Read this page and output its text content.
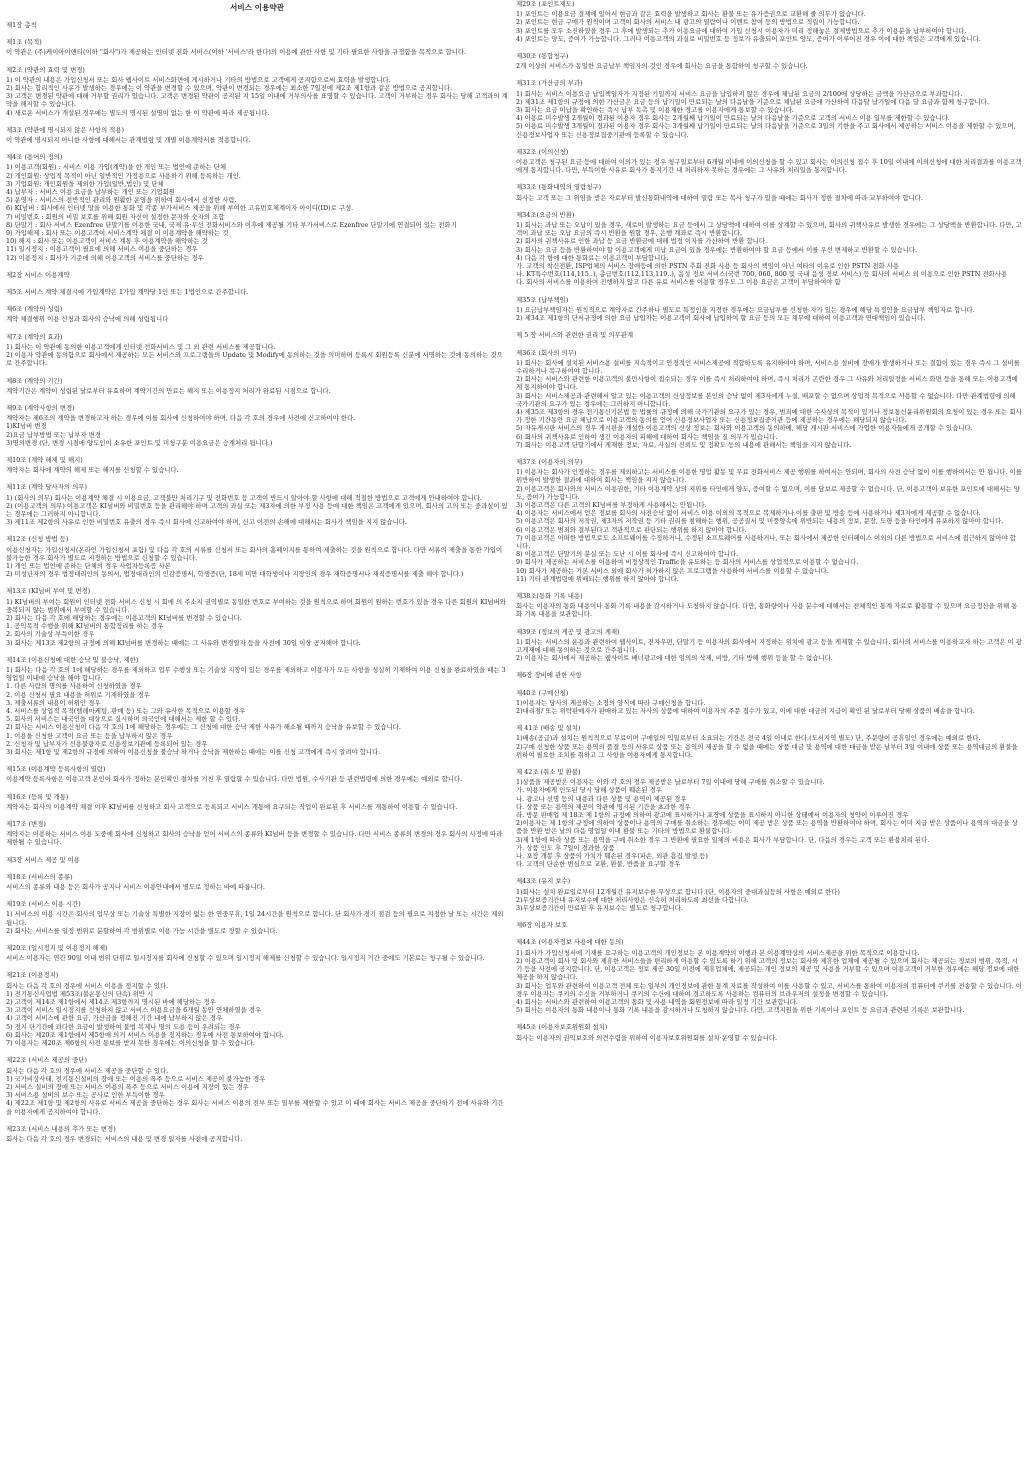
서비스 이용약관
제1장 총칙
제1조 (목적)
이 약관은 (주)케이아이앤티(이하 "회사")가 제공하는 인터넷 전화 서비스(이하 '서비스'라 한다)의 이용에 관한 사항 및 기타 필요한 사항을 규정함을 목적으로 합니다.
제2조 (약관의 효력 및 변경)
1) 이 약관의 내용은 가입신청서 또는 회사 웹사이트 서비스화면에 게시하거나 기타의 방법으로 고객에게 공지함으로써 효력을 발생합니다.
2) 회사는 합리적인 사유가 발생하는 경우에는 이 약관을 변경할 수 있으며, 약관이 변경되는 경우에는 최소한 7일전에 제2조 제1항과 같은 방법으로 공지합니다.
3) 고객은 변경된 약관에 대해 거부할 권리가 있습니다. 고객은 변경된 약관이 공지된 지 15일 이내에 거부의사를 표명할 수 있습니다. 고객이 거부하는 경우 회사는 당해 고객과의 계약을 해지할 수 있습니다.
4) 새로운 서비스가 개설된 경우에는 별도의 명시된 설명이 없는 한 이 약관에 따라 제공됩니다.
제3조 (약관에 명시되지 않은 사항의 적용)
이 약관에 명시되지 아니한 사항에 대해서는 관계법령 및 개별 이용계약서를 적용합니다.
제4조 (용어의 정의)
1) 이용고객(회원) : 서비스 이용 가입(계약)을 한 개인 또는 법인에 준하는 단체
2) 개인회원: 상업적 목적이 아닌 일반적인 가정용으로 사용하기 위해 등록하는 개인.
3) 기업회원: 개인회원을 제외한 가입(일반,법인) 및 단체
4) 납부자 : 서비스 이용 요금을 납부하는 개인 또는 기업회원
5) 운영자 : 서비스의 전반적인 관리와 원활한 운영을 위하여 회사에서 선정한 사람.
6) KI넘버 : 회사에서 인터넷 망을 이용한 통화 및 각종 부가서비스 제공을 위해 부여한 고유번호체계이자 아이디(ID)로 구성.
7) 비밀번호 : 회원의 비밀 보호를 위해 회원 자신이 설정한 문자와 숫자의 조합
8) 단말기 : 회사 서비스 Ezenfree 단말기를 이용한 국내, 국제 유·무선 전화서비스와 이후에 제공될 기타 부가서비스로 Ezenfree 단말기에 연결되어 있는 전화기
9) 가입해제 : 회사 또는 이용고객이 서비스계약 체결 이 이용계약을 해약하는 것
10) 해지 : 회사 또는 이용고객이 서비스 계통 후 이용계약을 해약하는 것
11) 일시정지 : 이용고객이 필요에 의해 서비스 이용을 중단하는 경우
12) 이용정지 : 회사가 기준에 의해 이용고객의 서비스를 중단하는 경우
제2장 서비스 이용계약
제5조 서비스 계약 체결시에 가입계약은 1가입 계약당 1인 또는 1법인으로 간주합니다.
제6조 (계약의 성립)
계약 체결행위 이용 신청과 회사의 승낙에 의해 성립됩니다
제7조 (계약의 효과)
1) 회사는 이 약관에 동의한 이용고객에게 인터넷 전화서비스 및 그 외 관련 서비스를 제공합니다.
2) 이용자 약관에 동의함으로 회사에서 제공하는 모든 서비스와 프로그램들의 Update 및 Modify에 동의하는 것을 의미하며 등록시 회원등록 신분에 서명하는 것에 동의하는 것으로 간주합니다.
제8조 (계약의 기간)
계약기간은 계약이 성립된 날로부터 유효하며 계약기간의 만료는 해지 또는 이용정지 처리가 완료된 시점으로 합니다.
제9조 (계약사항의 변경)
계약자는 제6조의 계약을 변경하고자 하는 경우에 이를 회사에 신청하여야 하며, 다음 각 호의 경우에 사전에 신고하여야 한다.
1)KI넘버 변경
2)요금 납부방법 또는 납부자 변경
3)명의변경 (단, 변경 시점에 양도인이 소유한 포인트 및 미청구분 이용요금은 승계처리 됩니다.)
제10조 (계약 해제 및 해지)
계약자는 회사에 계약의 해제 또는 해지를 신청할 수 있습니다.
제11조 (계약 당사자의 의무)
1) (회사의 의무) 회사는 이용계약 체결 시 이용요금, 고객불만 처리기구 및 전화번호 등 고객이 반드시 알아야 할 사항에 대해 적절한 방법으로 고객에게 안내하여야 합니다.
2) (이용고객의 의무) 이용고객은 KI넘버와 비밀번호 등을 관리해야 하며 고객의 과실 또는 제3자에 의한 부정 사용 등에 대한 책임은 고객에게 있으며, 회사의 고의 또는 중과실이 있는 경우에는 그러하지 아니합니다.
3) 제11조 제2항의 사유로 인한 비밀번호 유출의 경우 즉시 회사에 신고하여야 하며, 신고 이전의 손해에 대해서는 회사가 책임을 지지 않습니다.
제12조 (신청 방법 등)
이용신청자는 가입신청서(온라인 가입신청서 포함) 및 다음 각 호의 서류를 신청서 또는 회사의 홈페이지를 통하여 제출하는 것을 원칙으로 합니다. 다만 서류의 제출을 통한 가입이 불가능한 경우 회사가 별도로 지정하는 방법으로 신청할 수 있습니다.
1) 개인 또는 법인에 준하는 단체의 경우 사업자등록증 사본
2) 미성년자의 경우 법정대리인의 동의서, 법정대리인의 인감증명서, 학생증(단, 18세 미만 대학생이나 지장인의 경우 재학증명서나 재직증명서를 제출 해야 합니다.)
제13조 (KI넘버 부여 및 변경)
1) KI넘버의 부여는 회원이 인터넷 전화 서비스 신청 시 회에 의 주소지 권역별로 동일한 번호로 부여하는 것을 원칙으로 하며 회원이 원하는 번호가 있을 경우 다른 회원의 KI넘버와 중복되지 않는 범위에서 부여할 수 있습니다.
2) 회사는 다음 각 호에 해당하는 경우에는 이용고객의 KI넘버를 변경할 수 있습니다.
1. 공익목적 수행을 위해 KI넘버의 통합정리를 하는 경우
2. 회사의 기술상 부득이한 경우
3) 회사는 제13조 제2항의 규정에 의해 KI넘버를 변경하는 때에는 그 사유와 변경일자 등을 사전에 30일 이상 공지해야 합니다.
제14조 (이용신청에 대한 승낙 및 불승낙, 제한)
1) 회사는 다음 각 호의 1에 해당하는 경우를 제외하고 업무 수행상 또는 기술상 지장이 있는 경우를 제외하고 이용자가 모든 사항을 성실히 기재하여 이용 신청을 완료하였을 때는 3영업일 이내에 승낙을 해야 합니다.
1. 다른 사람의 명의를 사용하여 신청하였을 경우
2. 이용 신청서 필요 내용을 허위로 기재하였을 경우
3. 제출서류의 내용이 허위인 경우
4. 서비스를 상업적 목적(텔레마케팅, 판매 등) 또는 그와 유사한 목적으로 이용할 경우
5. 회사의 서비스는 내국인을 대상으로 실시하며 외국인에 대해서는 제한 할 수 있다.
2) 회사는 서비스 이용신청이 다음 각 호의 1에 해당하는 경우에는 그 신청에 대한 승낙 제한 사유가 해소될 때까지 승낙을 유보할 수 있습니다.
1. 이용을 신청한 고객이 요금 또는 등을 납부하지 않은 경우
2. 신청자 및 납부자가 신용불량자로 신용정보기관에 등록되어 있는 경우
3) 회사는 제1항 및 제2항의 규정에 의하여 이용신청을 불승낙 하거나 승낙을 제한하는 때에는 이를 신청 고객에게 즉시 알려야 합니다.
제15조 (이용계약 등록사항의 열람)
이용계약 등록사항은 이용고객 본인이 회사가 정하는 본인확인 절차를 거친 후 열람할 수 있습니다. 다만 법원, 수사기관 등 관련법령에 의한 경우에는 예외로 합니다.
제16조 (등록 및 개통)
계약자는 회사의 이용계약 체결 이후 KI넘버를 신청하고 회사 고객으로 등록되고 서비스 개통에 요구되는 작업이 완료된 후 서비스를 개통하여 이용할 수 있습니다.
제17조 (변경)
계약자는 이용하는 서비스 이용 도중에 회사에 신청하고 회사의 승낙을 얻어 서비스의 종류와 KI넘버 등을 변경할 수 있습니다. 다만 서비스 종류의 변경의 경우 회사의 사정에 따라 제한될 수 있습니다.
제3장 서비스 제공 및 이용
제18조 (서비스의 종류)
서비스의 종류와 내용 등은 회사가 공지나 서비스 이용안내에서 별도로 정하는 바에 따릅니다.
제19조 (서비스 이용 시간)
1) 서비스의 이용 시간은 회사의 업무상 또는 기술상 특별한 지장이 없는 한 연중무휴, 1일 24시간을 원칙으로 합니다. 단 회사가 정기 점검 등의 필요로 지정한 날 또는 시간은 제외됩니다.
2) 회사는 서비스를 일정 범위로 분할하여 각 범위별로 이용 가능 시간을 별도로 정할 수 있습니다.
제20조 (일시정지 및 이용정지 해제)
서비스 이용자는 연간 90일 이내 범위 단위로 일시정지를 회사에 신청할 수 있으며 일시정지 해제를 신청할 수 있습니다. 일시정지 기간 중에도 기본료는 청구될 수 있습니다.
제21조 (이용정지)
회사는 다음 각 호의 경우에 서비스 이용을 정지할 수 있다.
1) 전기통신사업법 제53조(불온통신의 단속) 위반 시
2) 고객이 제14조 제1항에서 제14조 제3항까지 명시된 바에 해당하는 경우
3) 고객이 서비스 일시정지를 신청하지 않고 서비스 이용요금을 6개월 동안 연체하였을 경우
4) 고객이 서비스에 관한 요금, 가산금을 정해진 기간 내에 납부하지 않은 경우
5) 정지 단기간에 과다한 요금이 발생하여 불법 복제나 명의 도용 등이 우려되는 경우
6) 회사는 제20조 제1항에서 제5항에 의거 서비스 이용을 정지하는 경우에 사전 통보하여야 합니다.
7) 이용자는 제20조 제6항의 사전 통보를 받지 못한 경우에는 이의신청을 할 수 있습니다.
제22조 (서비스 제공의 중단)
회사는 다음 각 호의 경우에 서비스 제공을 중단할 수 있다.
1) 국가비상사태, 전기통신설비의 장애 또는 이용의 폭주 등으로 서비스 제공이 불가능한 경우
2) 서비스 설비의 장애 또는 서비스 이용의 폭주 등으로 서비스 이용에 지장이 있는 경우
3) 서비스용 설비의 보수 또는 공사로 인한 부득이한 경우
4) 제22조 제1항 및 제2항의 사유로 서비스 제공을 중단하는 경우 회사는 서비스 이용의 전부 또는 일부를 제한할 수 있고 이 때에 회사는 서비스 제공을 중단하기 전에 사유와 기간을 이용자에게 공지하여야 합니다.
제23조 (서비스 내용의 추가 또는 변경)
회사는 다음 각 호의 경우 변경되는 서비스의 내용 및 변경 일자를 사전에 공지합니다.
제29조 (포인트제도)
1) 포인트는 이용요금 결제에 있어서 현금과 같은 효력을 발생하고 회사는 환불 또는 유가증권으로 교환해 줄 의무가 없습니다.
2) 포인트는 현금 구매가 원칙이며 고객이 회사의 서비스 내 광고의 열람이나 이벤트 참여 등의 방법으로 적립이 가능합니다.
3) 포인트를 모두 소진하였을 경우 그 후에 발생되는 추가 이용요금에 대하여 가입 신청시 이용자가 미리 정해놓은 결제방법으로 추가 이용분을 납부하여야 합니다.
4) 포인트는 양도, 증여가 가능합니다. 그러나 이용고객의 과실로 비밀번호 등 정보가 유출되어 포인트 양도, 증여가 이루어진 경우 이에 대한 책임은 고객에게 있습니다.
제30조 (통합청구)
2개 이상의 서비스가 동일한 요금납부 책임자의 것인 경우에 회사는 요금을 통합하여 청구할 수 있습니다.
제31조 (가산금의 부과)
1) 회사는 서비스 이용요금 납입책임자가 지정된 기일까지 서비스 요금을 납입하지 않은 경우에 체납된 요금의 2/100에 상당하는 금액을 가산금으로 부과합니다.
2) 제31조 제1항의 규정에 의한 가산금은 요금 등의 납기일이 만료되는 날의 다음날을 기준으로 체납된 요금에 가산하여 다음달 납기일에 다음 달 요금과 함께 청구합니다.
3) 회사는 요금 미납을 확인하는 즉시 납부 독촉 및 이용제한 경고를 이용자에게 통보할 수 있습니다.
4) 이용료 미수발생 2개월이 경과된 이용자 경우 회사는 2개월째 납기일이 만료되는 날의 다음날을 기준으로 고객의 서비스 이용 일부를 제한할 수 있습니다.
5) 이용료 미수발생 3개월이 경과된 이용자 경우 회사는 3개월째 납기일이 만료되는 날의 다음날을 기준으로 3일의 기한을 주고 회사에서 제공하는 서비스 이용을 제한할 수 있으며, 신용정보사업자 또는 신용정보집중기관에 등록할 수 있습니다.
제32조 (이의신청)
이용고객은 청구된 요금 등에 대하여 이의가 있는 경우 청구일로부터 6개월 이내에 이의신청을 할 수 있고 회사는 이의신청 접수 후 10일 이내에 이의신청에 대한 처리결과를 이용고객에게 통지합니다. 다만, 부득이한 사유로 회사가 통지기간 내 처리하지 못하는 경우에는 그 사유와 처리일을 통지합니다.
제33조 (통화내역의 열람청구)
회사는 고객 또는 그 위임을 받은 자로부터 발신통화내역에 대하여 열람 또는 복사 청구가 있을 때에는 회사가 정한 절차에 따라 교부하여야 합니다.
제34조(요금의 반환)
1) 회사는 과납 또는 오납이 있을 경우, 새로이 발생하는 요금 등에서 그 상당액에 대하여 이를 상계할 수 있으며, 회사의 귀책사유로 발생한 경우에는 그 상당액을 반환합니다. 다만, 고객이 과납 또는 오납 요금의 즉시 반환을 원할 경우, 은행 계좌로 즉시 반환합니다.
2) 회사의 귀책사유로 인한 과납 등 요금 반환금에 대해 법정 이자를 가산하여 반환 합니다.
3) 회사는 요금 등을 반환하여야 할 이용고객에게 미납 요금이 있을 경우에는 반환하여야 할 요금 등에서 이를 우선 변제하고 반환할 수 있습니다.
4) 다음 각 항에 대한 통화료는 이용고객이 부담합니다.
가. 고객의 착신전환, ISP업체의 서비스 장애등에 의한 PSTN 추회 전화 사용 등 회사의 책임이 아닌 여타의 이유로 인한 PSTN 전화 사용
나. KT특수번호(114,115..), 총급번호(112,113,119..), 음성 정보 서비스(국번 700, 060, 800 및 국내 음성 정보 서비스) 등 회사의 서비스 외 이용으로 인한 PSTN 전화사용
다. 회사의 서비스를 이용하여 진행하지 않고 다른 유료 서비스를 이용할 경우도 그 이용 요금은 고객이 부담하여야 함
제35조 (납부책임)
1) 요금납부책임자는 원칙적으로 계약자로 간주하나 별도로 특정인을 지정한 경우에는 요금납부를 신청한 자가 있는 경우에 해당 특정인을 요금납부 책임자로 합니다.
2) 제34조 제1항의 단서규정에 의한 요금 납입자는 이용고객이 회사에 납입하여 할 요금 등의 모든 채무에 대하여 이용고객과 연대책임이 있습니다.
제 5 장 서비스와 관련한 권리 및 의무관계
제36조 (회사의 의무)
1) 회사는 회사에 설치된 서비스용 설비를 지속적이고 안정적인 서비스제공에 적합하도록 유지하여야 하며, 서비스용 설비에 장애가 발생하거나 또는 결함이 있는 경우 즉시 그 설비를 수리하거나 복구하여야 합니다.
2) 회사는 서비스와 관련한 이용고객의 불만사항이 접수되는 경우 이를 즉시 처리하여야 하며, 즉시 처리가 곤란한 경우 그 사유와 처리일정을 서비스 화면 등을 통해 또는 이용고객에게 통지하여야 합니다.
3) 회사는 서비스제공과 관련해서 알고 있는 이용고객의 신상정보를 본인의 승낙 없이 제3자에게 누설, 배포할 수 없으며 상업적 목적으로 사용할 수 없습니다. 다만 관계법령에 의해 국가기관의 요구가 있는 경우에는 그러하지 아니합니다.
4) 제35조 제3항의 경우 전기통신기본법 등 법률의 규정에 의해 국가기관의 요구가 있는 경우, 범죄에 대한 수사상의 목적이 있거나 정보통신윤리위원회의 요청이 있는 경우 또는 회사가 정한 기간동안 요금 체납으로 이용고객의 동의를 얻어 신용정보사업자 또는 신용정보집중기관 등에 제공하는 경우에는 해당되지 않습니다.
5) 자유게시판 서비스의 경우 게시판을 개설한 이용고객의 신상 정보는 회사와 이용고객의 동의하에, 해당 게시판 서비스에 가입한 이용자들에게 공개할 수 있습니다.
6) 회사의 귀책사유로 인하여 생긴 이용자의 피해에 대하여 회사는 책임을 질 의무가 있습니다.
7) 회사는 이용고객 단말기에서 게재한 정보, 자료, 사실의 신뢰도 및 정확도 등의 내용에 관해서는 책임을 지지 않습니다.
제37조 (이용자의 의무)
1) 이용자는 회사가 인정하는 경우를 제외하고는 서비스를 이용한 영업 활동 및 무료 전화서비스 제공 행위를 하여서는 안되며, 회사의 사전 승낙 없이 이를 행하여서는 안 됩니다. 이를 위반하여 발생한 결과에 대하여 회사는 책임을 지지 않습니다.
2) 이용고객은 회사와의 서비스 이용권한, 기타 이용계약 상의 지위를 타인에게 양도, 증여할 수 없으며, 이를 담보로 제공할 수 없습니다. 단, 이용고객이 보유한 포인트에 대해서는 양도, 증여가 가능합니다.
3) 이용고객은 다른 고객의 KI넘버를 부정하게 사용해서는 안됩니다.
4) 이용자는 서비스에서 얻은 정보를 회사의 사전승낙 없이 서비스 이용 이외의 목적으로 복제하거나 이를 출판 및 방송 등에 사용하거나 제3자에게 제공할 수 없습니다.
5) 이용고객은 회사의 저작권, 제3자의 저작권 등 기타 권리를 침해하는 행위, 공공질서 및 미풍양속에 위반되는 내용의 정보, 문장, 도형 등을 타인에게 유포하지 않아야 합니다.
6) 이용고객은 범죄와 결부된다고 객관적으로 판단되는 행위를 하지 않아야 합니다.
7) 이용고객은 어떠한 방법으로도 소프트웨어를 수정하거나, 수정된 소프트웨어를 사용하거나, 또는 회사에서 제공한 인터페이스 이외의 다른 방법으로 서비스에 접근하지 않아야 합니다.
8) 이용고객은 단말기의 분실 또는 도난 시 이를 회사에 즉시 신고하여야 합니다.
9) 회사가 제공하는 서비스를 이용하여 비정상적인 Traffic을 유도하는 등 회사의 서비스를 상업적으로 이용할 수 없습니다.
10) 회사가 제공하는 기본 서비스 외에 회사가 허가하지 않은 프로그램을 사용하여 서비스를 이용할 수 없습니다.
11) 기타 관계법령에 위배되는 행위를 하지 않아야 합니다.
제38조(통화 기록 내용)
회사는 이용자의 통화 내용이나 통화 기록 내용을 감시하거나 도청하지 않습니다. 다만, 통화량이나 사용 분수에 대해서는 전체적인 통계 자료로 활용할 수 있으며 요금정산을 위해 통화 기록 내용을 보관합니다.
제39조 (정보의 게공 및 광고의 게재)
1) 회사는 서비스의 운용과 관련하여 웹사이트, 전자우편, 단말기 등 이용자의 회사에서 지정하는 위치에 광고 등을 게재할 수 있습니다. 회사의 서비스를 이용하고자 하는 고객은 이 광고게재에 대해 동의하는 것으로 간주됩니다.
2) 이용자는 회사에서 제공하는 웹사이트 배너광고에 대한 임의의 삭제, 비방, 기타 방해 행위 등을 할 수 없습니다.
제6장 장비에 관한 사항
제40조 (구매신청)
1)이용자는 당사의 게공하는 소정의 양식에 따라 구매신청을 합니다.
2)대리점/ 또는 위탁판매자가 판매하고 있는 자사의 상품에 대하여 이용자의 주문 접수가 있고, 이에 대한 대금의 지급이 확인 된 날로부터 당해 상품의 배송을 합니다.
제 41조 (배송 및 설치)
1)배송(공급)과 설치는 원칙적으로 무료이며 구매일의 익일로부터 소요되는 기간은 전국 4일 이내로 한다.(도서지역 별도) 단, 주문량이 공휴일인 경우에는 예외로 한다.
2)구매 신청한 상품 또는 용역의 품절 등의 사유로 상품 또는 용역의 제공을 할 수 없을 때에는 상품 대금 및 용역에 대한 대금을 받은 날부터 3일 이내에 상품 또는 용역대금의 환불을 위하여 필요한 조치를 취하고 그 사항을 이용자에게 통지합니다.
제 42조 (취소 및 환불)
1)상품을 제공받은 이용자는 이와 각 호의 경우 제공받은 날로부터 7일 이내에 당해 구매를 취소할 수 있습니다.
가. 이용자에게 인도된 당시 당해 상품이 훼손된 경우
나. 광고나 선명 등의 내용과 다른 상품 및 용역이 제공된 경우
다. 상품 또는 용역의 제공이 약관에 명시된 기간을 초과한 경우
라. 방문 판매업 제 18조 제 1항의 규정에 의하여 광고에 표시하거나 포장에 상품을 표시하지 아니한 상태에서 이용자의 청약이 이루어진 경우
2)이용자는 제 1항의 규정에 의하여 상품이나 용역의 구매를 취소하는 경우에는 이미 제공 받은 상품 또는 용역을 반환하여야 하며, 회사는 이미 지급 받은 상품이나 용역의 대금을 상품을 반환 받은 날의 다음 영업일 이내 환불 또는 기타의 방법으로 환불합니다.
3)제 1항에 따라 상품 또는 용역을 구매 취소한 경우 그 반환에 필요한 일체의 비용은 회사가 부담합니다. 단, 다음의 경우는 고객 또는 환불처리 된다.
가. 상품 인도 후 7일이 경과한 상품
나. 포장 개봉 후 상품의 가치가 훼손된 경우(파손, 외관 흠집 발생 등)
다. 고객의 단순한 변심으로 교환, 환불, 반품을 요구할 경우
제43조 (유지 보수)
1)회사는 설치 완료일로부터 12개월간 유지보수를 무상으로 합니다.(단, 이용자의 중대과실등의 사항은 예외로 한다)
2)무상보증기간내 유지보수에 대한 처리사항은 신속히 처리하도록 최선을 다합니다.
3)무상보증기간이 만료된 후 유지보수는 별도로 청구합니다.
제6장 이용자 보호
제44조 (이용자정보 사용에 대한 동의)
1) 회사가 가입신청서에 기재를 요구하는 이용고객의 개인정보는 본 이용계약의 이행과 본 이용계약상의 서비스제공을 위한 목적으로 이용합니다.
2) 이용고객이 회사 및 회사와 제휴한 서비스들을 편리하게 이용할 수 있도록 하기 위해 고객의 정보는 회사와 제휴한 업체에 제공될 수 있으며 회사는 제공되는 정보의 범위, 목적, 시기 등을 사전에 공지합니다. 단, 이용고객은 정보 제공 30일 이전에 제휴업체에, 제공되는 개인 정보의 제공 및 사용을 거부할 수 있으며 이용고객이 거부한 경우에는 해당 정보에 대한 제공을 하지 않습니다.
3) 회사는 업무와 관련하여 이용고객 전체 또는 일부의 개인정보에 관한 통계 자료를 작성하여 이를 사용할 수 있고, 서비스를 통하여 이용자의 컴퓨터에 쿠키를 전송할 수 있습니다. 이 경우 이용자는 쿠키의 수신을 거부하거나 쿠키의 수신에 대하여 경고하도록 사용하는 컴퓨터의 브라우저의 설정을 변경할 수 있습니다.
4) 회사는 서비스와 관련하여 이용고객의 통화 및 사용 내역을 회원정보에 따라 일정 기간 보관합니다.
5) 회사는 이용자의 통화 내용이나 통화 기록 내용을 감시하거나 도청하지 않습니다. 다만, 고객지원을 위한 기록이나 포인트 등 요금과 관련된 기록은 보관합니다.
제45조 (이용자보호위원회 설치)
회사는 이용자의 권익보호와 의견수렴을 위하여 이용자보호위원회를 설치·운영할 수 있습니다.
